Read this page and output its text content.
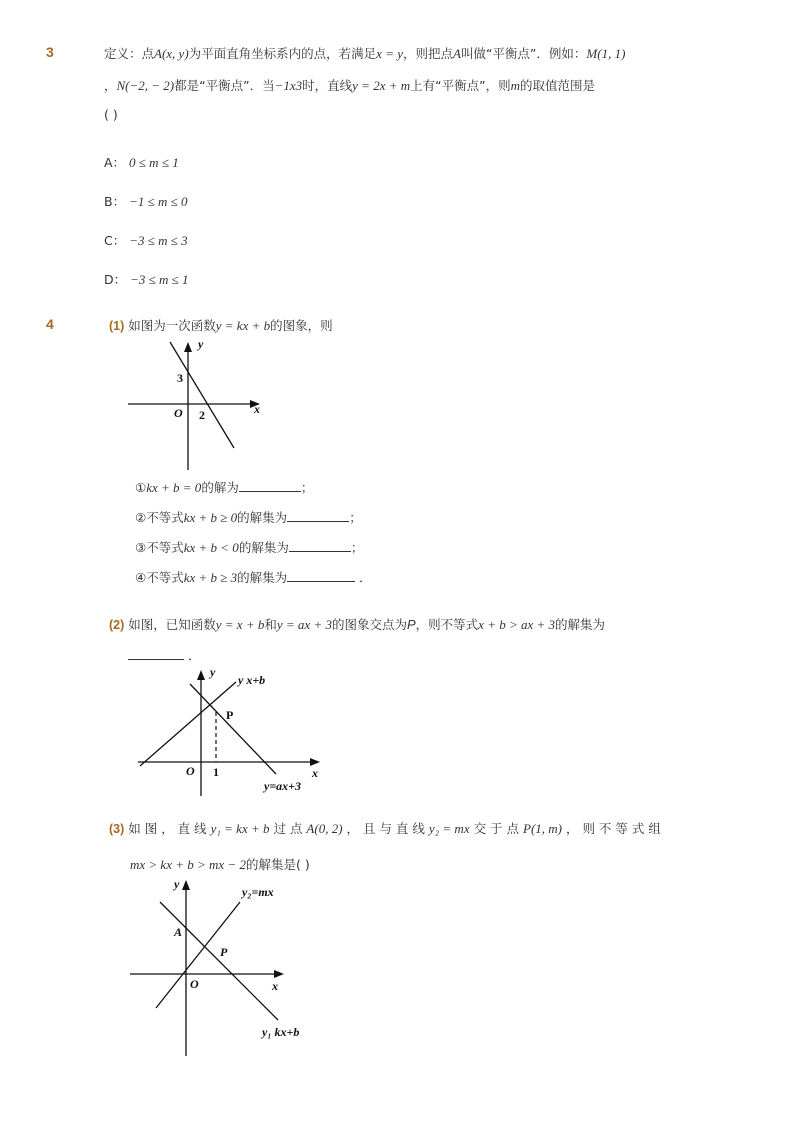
3	定义：点A(x, y)为平面直角坐标系内的点，若满足x = y，则把点A叫做“平衡点”．例如：M(1, 1)
，N(−2, − 2)都是“平衡点”．当−1x3时，直线y = 2x + m上有“平衡点”，则m的取值范围是
( )
A： 0 ≤ m ≤ 1
B： −1 ≤ m ≤ 0
C： −3 ≤ m ≤ 3
D： −3 ≤ m ≤ 1
4	(1) 如图为一次函数y = kx + b的图象，则
y
x
O
3
2
①kx + b = 0的解为	；
②不等式kx + b ≥ 0的解集为	；
③不等式kx + b < 0的解集为	；
④不等式kx + b ≥ 3的解集为	．
(2) 如图，已知函数y = x + b和y = ax + 3的图象交点为P，则不等式x + b > ax + 3的解集为
．
y
x
O 1
P
y x+b
y=ax+3
(3) 如 图 ， 直 线 y₁ = kx + b 过 点 A(0, 2) ， 且 与 直 线 y₂ = mx 交 于 点 P(1, m) ， 则 不 等 式 组
mx > kx + b > mx − 2的解集是( )
y
x
O
A
P
y₂=mx
y₁ kx+b
